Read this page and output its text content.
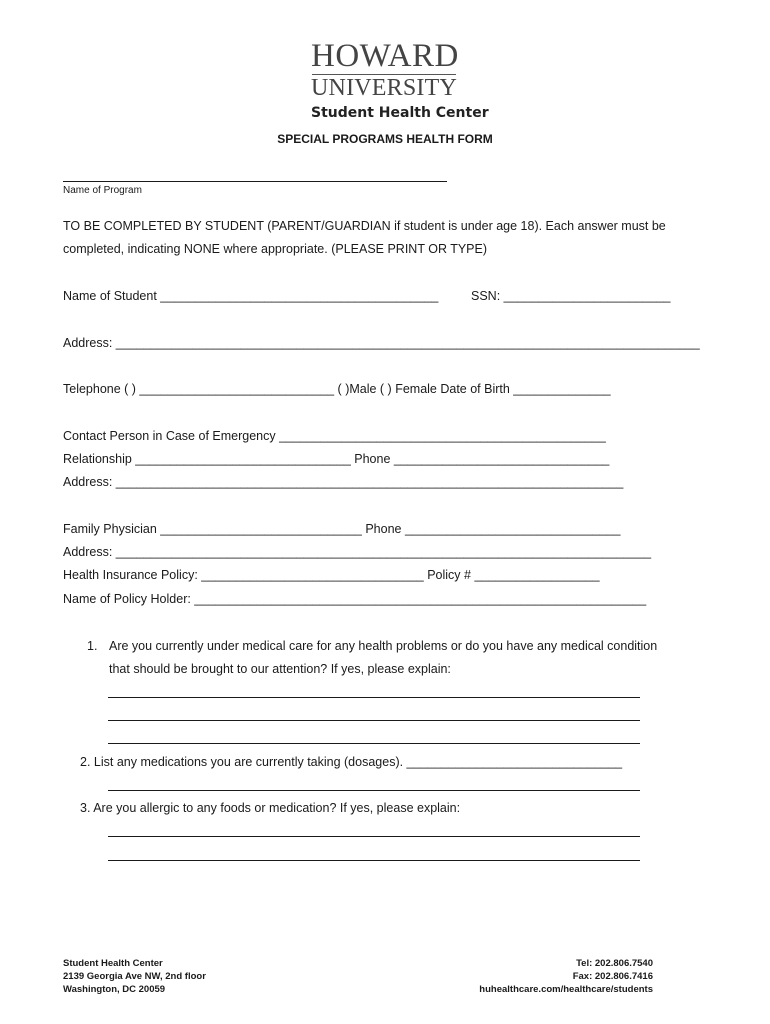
HOWARD
UNIVERSITY
Student Health Center
SPECIAL PROGRAMS HEALTH FORM
Name of Program
TO BE COMPLETED BY STUDENT (PARENT/GUARDIAN if student is under age 18). Each answer must be
completed, indicating NONE where appropriate. (PLEASE PRINT OR TYPE)
Name of Student ________________________________________	SSN: ________________________
Address: ____________________________________________________________________________________
Telephone ( ) ____________________________ ( )Male ( ) Female Date of Birth ______________
Contact Person in Case of Emergency _______________________________________________
Relationship _______________________________ Phone _______________________________
Address: _________________________________________________________________________
Family Physician _____________________________ Phone _______________________________
Address: _____________________________________________________________________________
Health Insurance Policy: ________________________________ Policy # __________________
Name of Policy Holder: _________________________________________________________________
1. Are you currently under medical care for any health problems or do you have any medical condition
that should be brought to our attention? If yes, please explain:
2. List any medications you are currently taking (dosages). _______________________________
3. Are you allergic to any foods or medication? If yes, please explain:
Student Health Center
2139 Georgia Ave NW, 2nd floor
Washington, DC 20059
Tel: 202.806.7540
Fax: 202.806.7416
huhealthcare.com/healthcare/students
